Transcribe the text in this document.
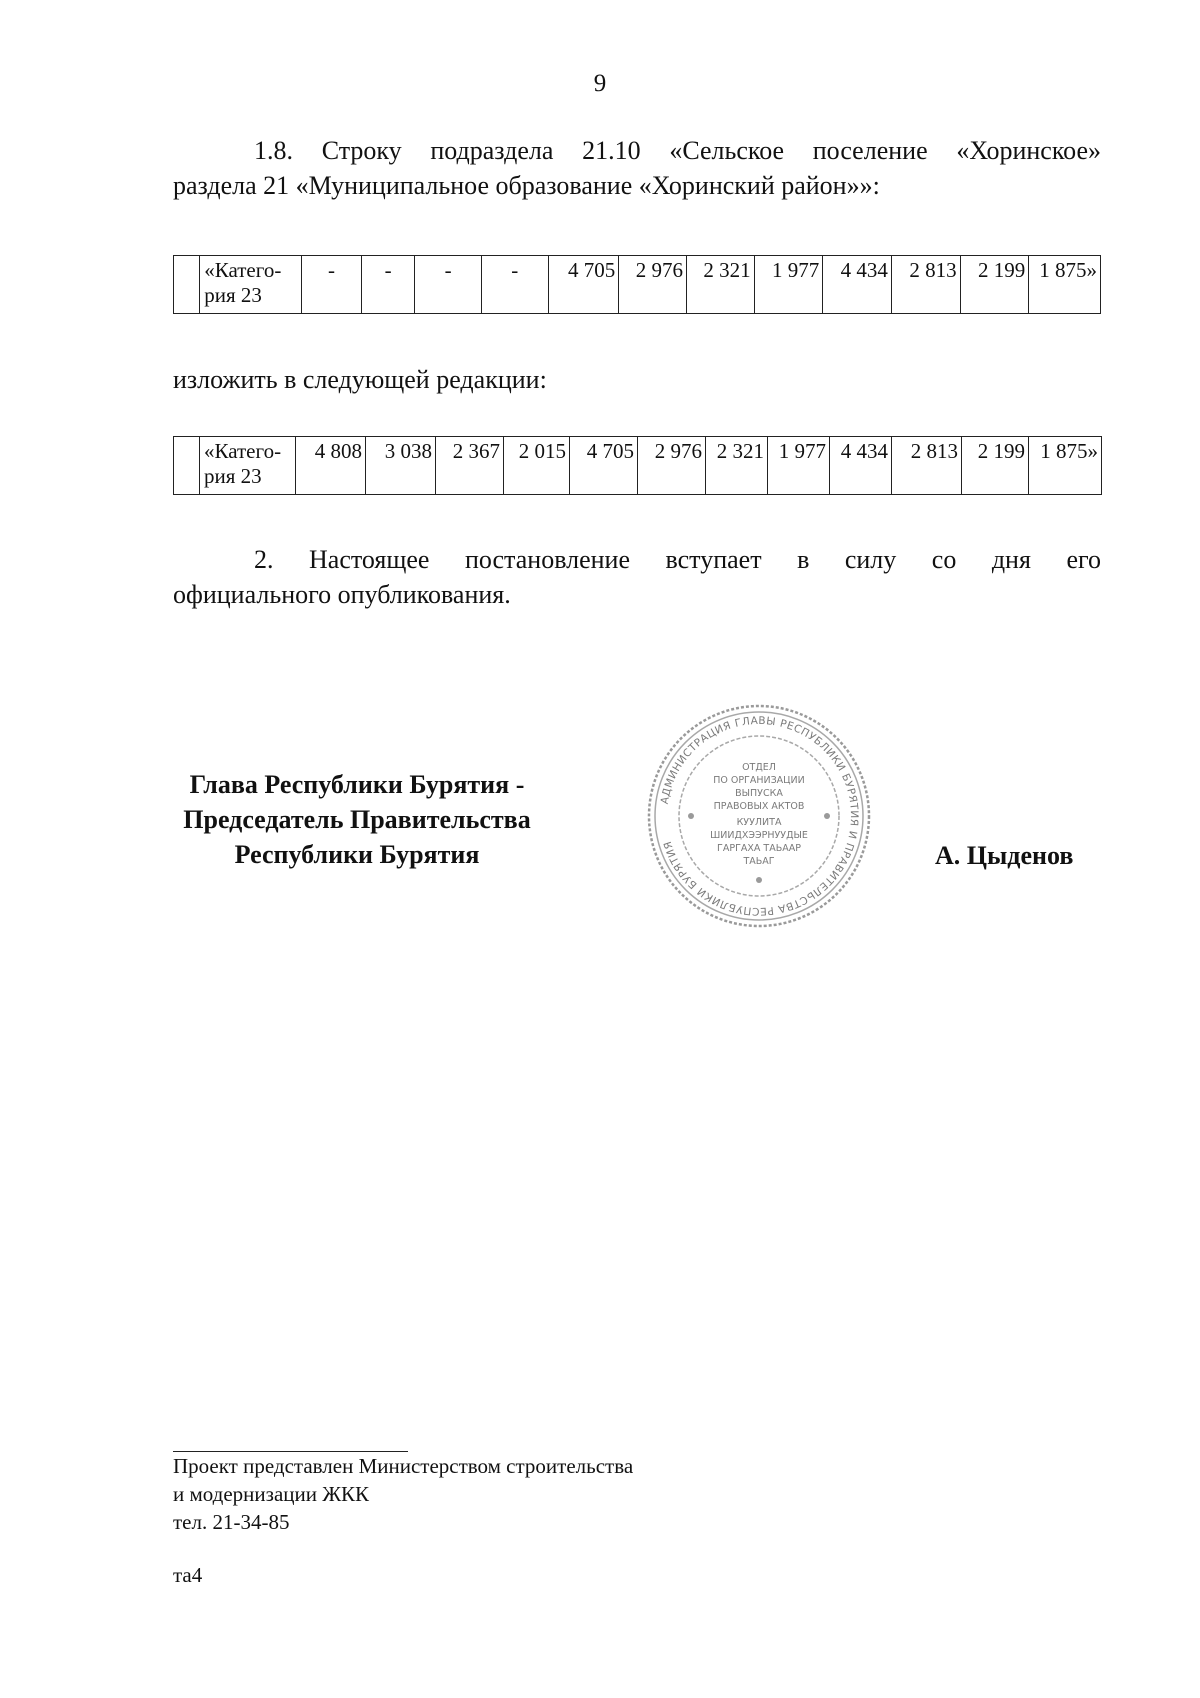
9
1.8. Строку подраздела 21.10 «Сельское поселение «Хоринское»
раздела 21 «Муниципальное образование «Хоринский район»»:
	«Катего-
рия 23	-	-	-	-	4 705	2 976	2 321	1 977	4 434	2 813	2 199	1 875»
изложить в следующей редакции:
	«Катего-
рия 23	4 808	3 038	2 367	2 015	4 705	2 976	2 321	1 977	4 434	2 813	2 199	1 875»
2. Настоящее постановление вступает в силу со дня его
официального опубликования.
Глава Республики Бурятия -
Председатель Правительства
Республики Бурятия
АДМИНИСТРАЦИЯ ГЛАВЫ РЕСПУБЛИКИ БУРЯТИЯ И ПРАВИТЕЛЬСТВА РЕСПУБЛИКИ БУРЯТИЯ
ОТДЕЛ
ПО ОРГАНИЗАЦИИ
ВЫПУСКА
ПРАВОВЫХ АКТОВ
КУУЛИТА
ШИИДХЭЭРНУУДЫЕ
ГАРГАХА ТАЬААР
ТАЬАГ	А. Цыденов
Проект представлен Министерством строительства
и модернизации ЖКК
тел. 21-34-85
та4
